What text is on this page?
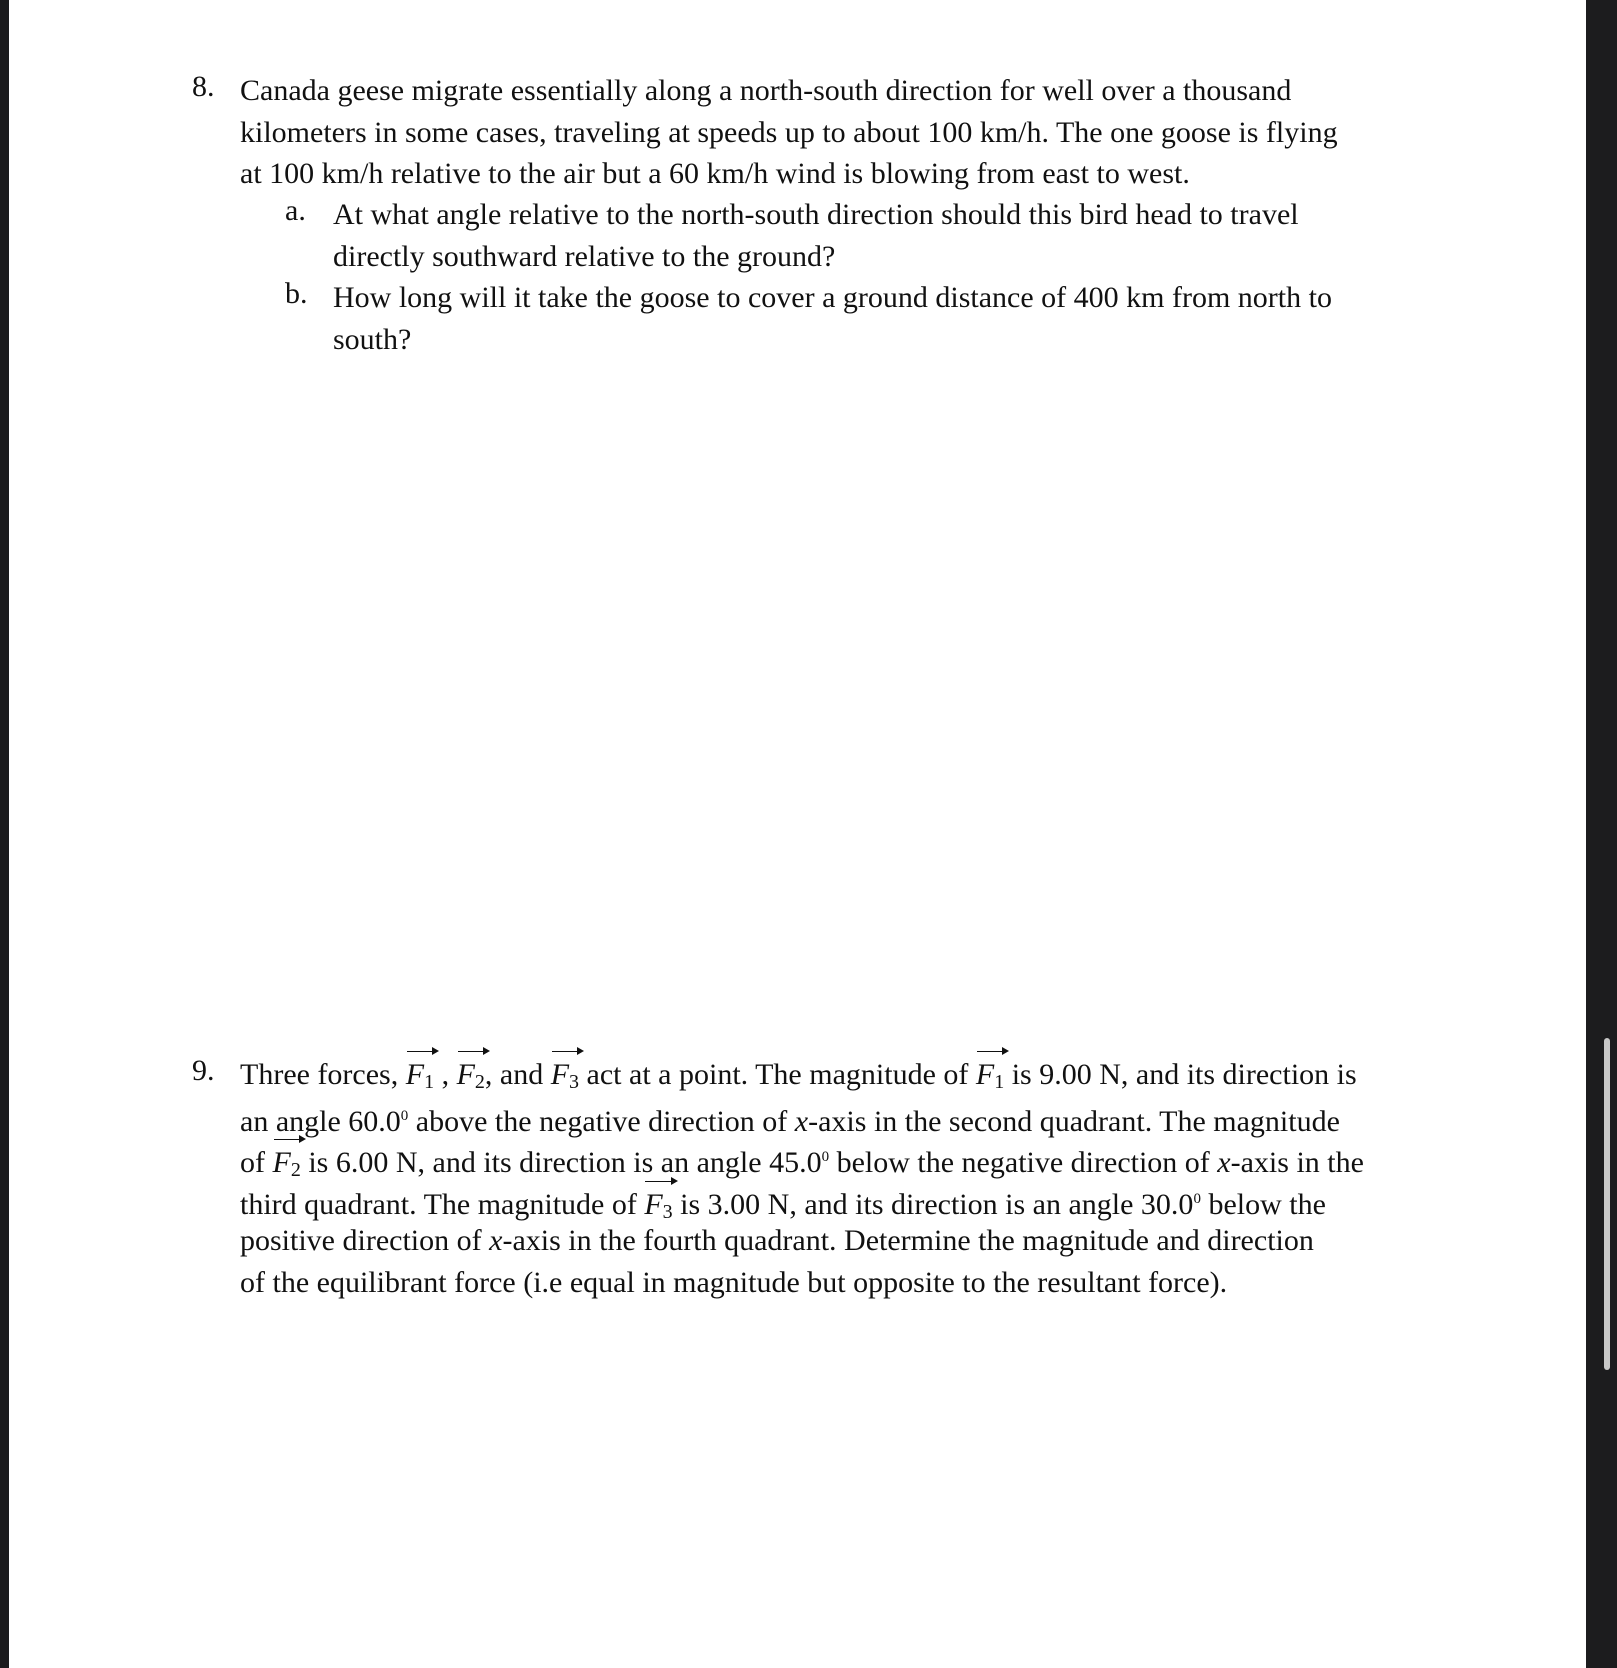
8. Canada geese migrate essentially along a north-south direction for well over a thousand
kilometers in some cases, traveling at speeds up to about 100 km/h. The one goose is flying
at 100 km/h relative to the air but a 60 km/h wind is blowing from east to west.
a. At what angle relative to the north-south direction should this bird head to travel
directly southward relative to the ground?
b. How long will it take the goose to cover a ground distance of 400 km from north to
south?
9. Three forces, $F_1$ , $F_2$, and $F_3$ act at a point. The magnitude of $F_1$ is 9.00 N, and its direction is
an angle 60.0$^0$ above the negative direction of x-axis in the second quadrant. The magnitude
of $F_2$ is 6.00 N, and its direction is an angle 45.0$^0$ below the negative direction of x-axis in the
third quadrant. The magnitude of $F_3$ is 3.00 N, and its direction is an angle 30.0$^0$ below the
positive direction of x-axis in the fourth quadrant. Determine the magnitude and direction
of the equilibrant force (i.e equal in magnitude but opposite to the resultant force).
